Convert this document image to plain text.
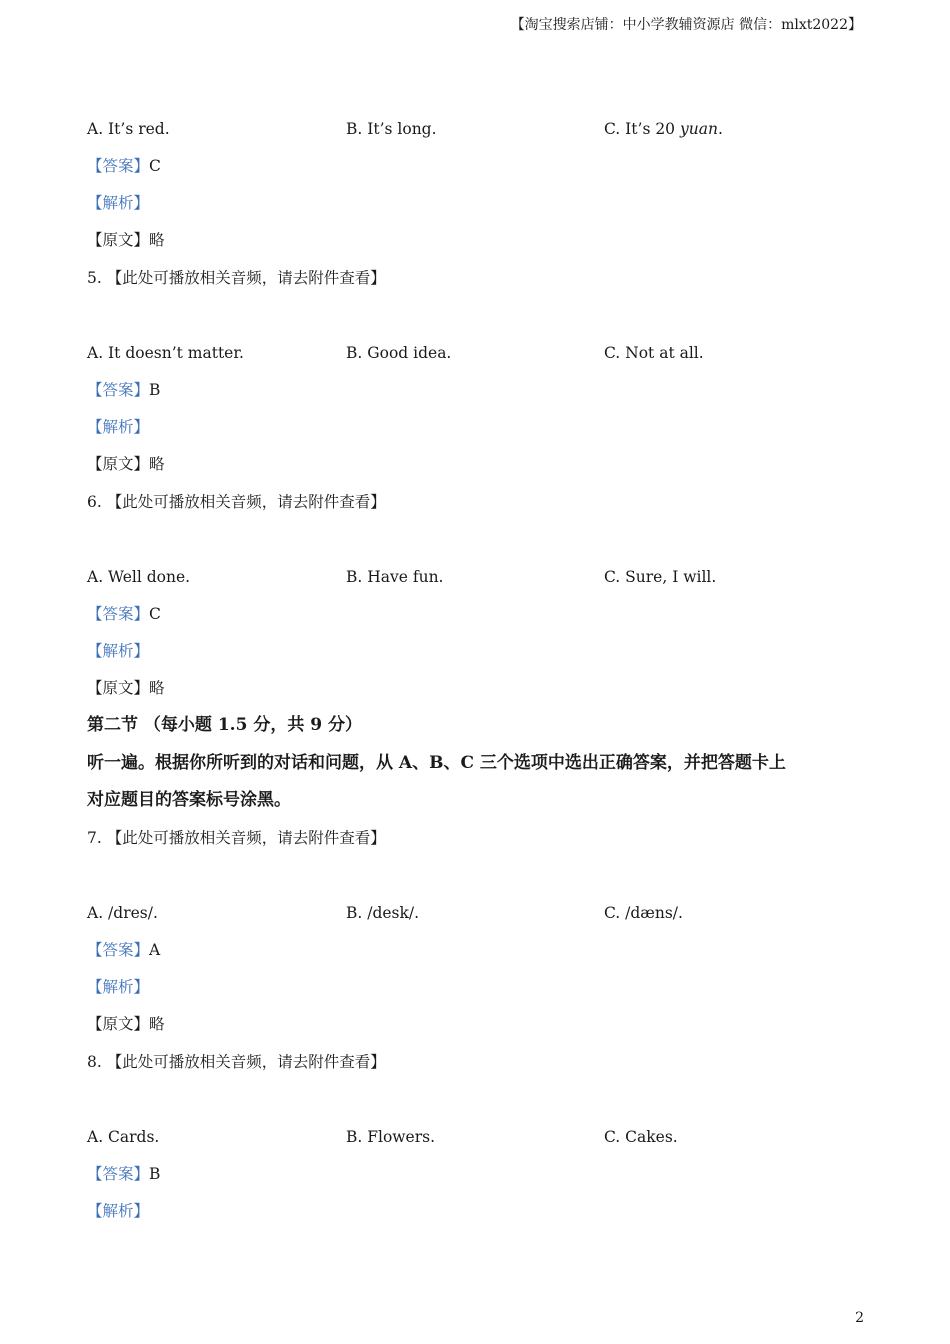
【淘宝搜索店铺：中小学教辅资源店 微信：mlxt2022】
A. It’s red.	B. It’s long.	C. It’s 20 yuan.
【答案】C
【解析】
【原文】略
5. 【此处可播放相关音频，请去附件查看】
A. It doesn’t matter.	B. Good idea.	C. Not at all.
【答案】B
【解析】
【原文】略
6. 【此处可播放相关音频，请去附件查看】
A. Well done.	B. Have fun.	C. Sure, I will.
【答案】C
【解析】
【原文】略
第二节 （每小题 1.5 分，共 9 分）
听一遍。根据你所听到的对话和问题，从 A、B、C 三个选项中选出正确答案，并把答题卡上
对应题目的答案标号涂黑。
7. 【此处可播放相关音频，请去附件查看】
A. /dres/.	B. /desk/.	C. /dæns/.
【答案】A
【解析】
【原文】略
8. 【此处可播放相关音频，请去附件查看】
A. Cards.	B. Flowers.	C. Cakes.
【答案】B
【解析】
2
